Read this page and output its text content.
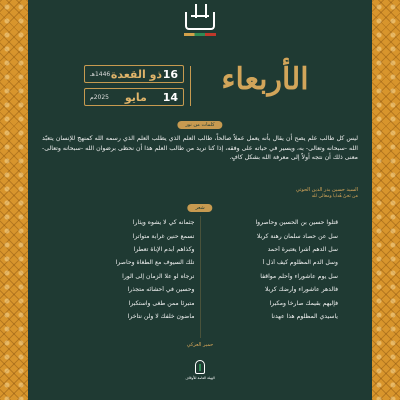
الأربعاء
16
ذو القعدة
1446هـ
14
مايو
2025م
كلمات من نور
ليس كل طالب علم يصح أن يقال بأنه يعمل عملاً صالحاً، طالب العلم الذي يطلب العلم الذي رسمه الله كمنهج للإنسان يتعبّد الله -سبحانه وتعالى- به، ويسير في حياته على وفقه، إذا كنا نريد من طالب العلم هذا أن نحظى برضوان الله -سبحانه وتعالى- معنى ذلك أن نتجه أولاً إلى معرفة الله بشكل كافٍ.
السيد حسين بدر الدين الحوثي
مَن نَحنُ هُدايا ومعالي لله
شعر
قتلوا حسين بن الحسين وحاصروا
جثمانه كي لا يشوه ويثأرا
سل عن حصاد سلمان رهنة كربلا
تسمع حنين غرابة متواترا
سل الدهم أشراً يعتبرة أحمد
وكذاهم أبدم الإباة تعطرا
وسل الدم المظلوم كيف أذل أ
تلك السيوف مع الطغاة وحاصرا
سل يوم عاشوراء وأحلم مواقفاً
ترجاه لو علا الزمان إلى الورا
فالدهر عاشوراء وأرضك كربلا
وحسين في أحشائه متجذرا
فإليهم بقيمك صارخاً ومكبراً
متبرئاً ممن طغى واستكبرا
ياسيدي المظلوم هذا عهدنا
ماضون خلفك لا ولن نتأخرا
حمير العزكي
الهيئة العامة للأوقاف
